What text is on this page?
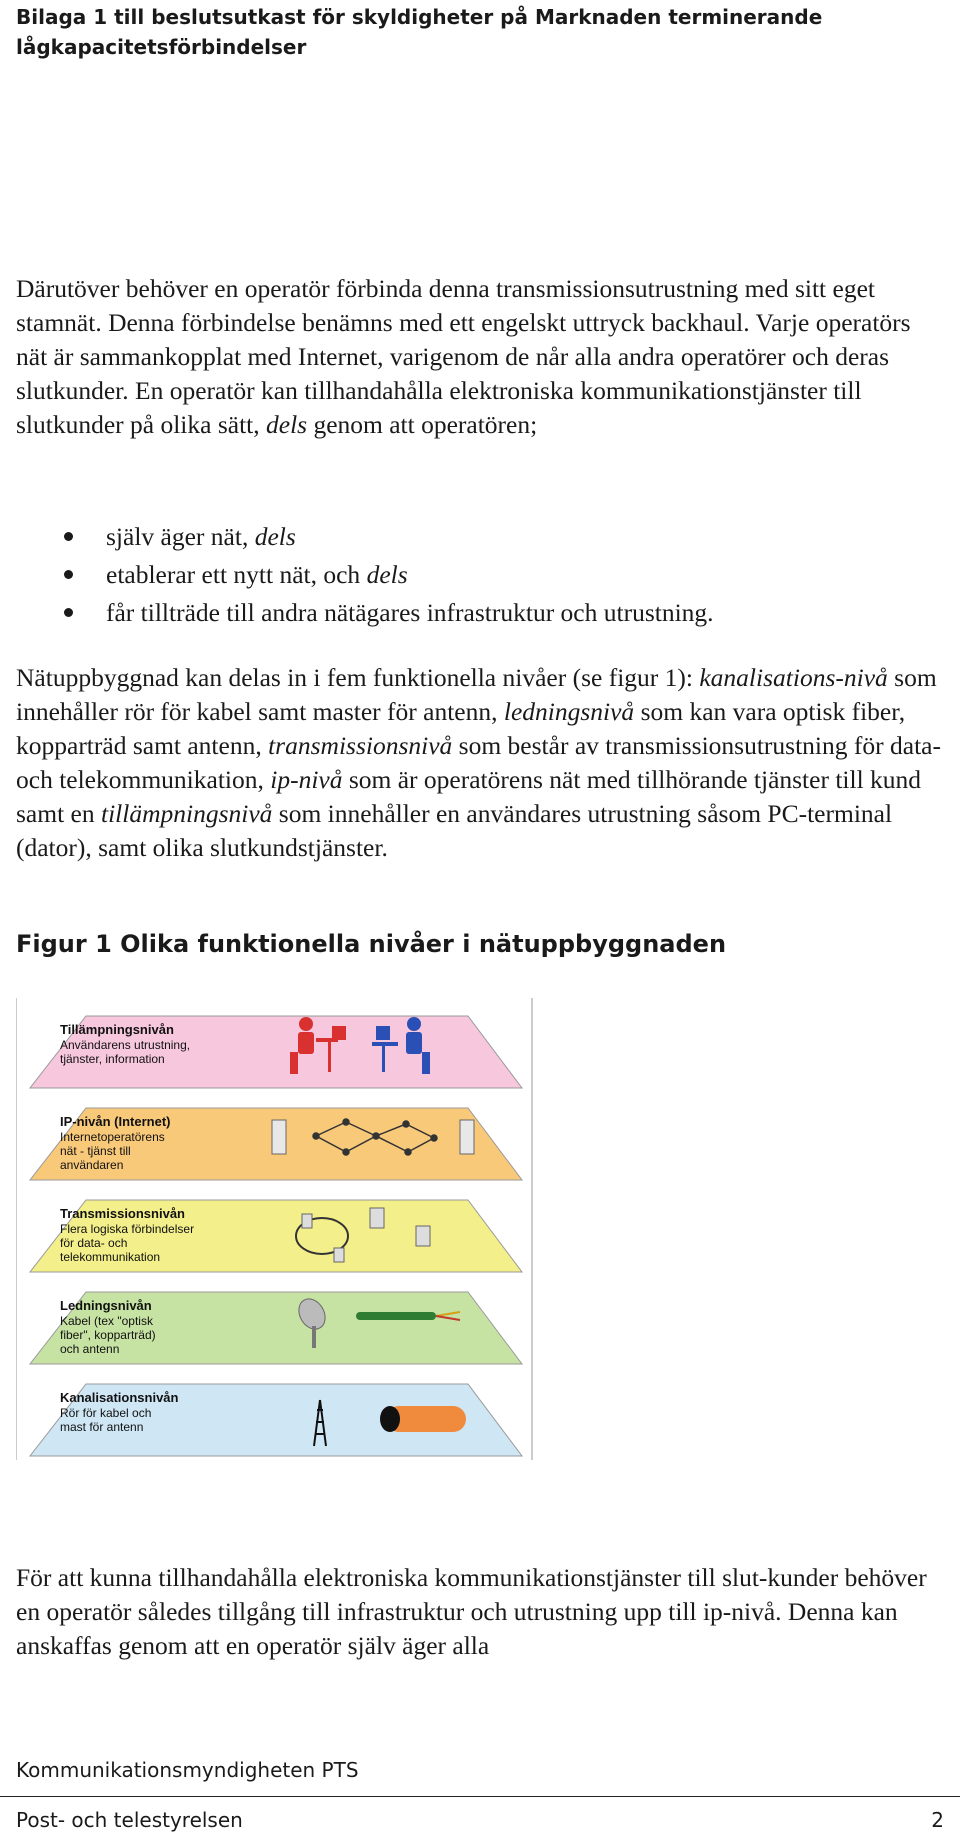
Bilaga 1 till beslutsutkast för skyldigheter på Marknaden terminerande
lågkapacitetsförbindelser
Därutöver behöver en operatör förbinda denna transmissionsutrustning med sitt eget stamnät. Denna förbindelse benämns med ett engelskt uttryck backhaul. Varje operatörs nät är sammankopplat med Internet, varigenom de når alla andra operatörer och deras slutkunder. En operatör kan tillhandahålla elektroniska kommunikationstjänster till slutkunder på olika sätt, dels genom att operatören;
själv äger nät, dels
etablerar ett nytt nät, och dels
får tillträde till andra nätägares infrastruktur och utrustning.
Nätuppbyggnad kan delas in i fem funktionella nivåer (se figur 1): kanalisations-nivå som innehåller rör för kabel samt master för antenn, ledningsnivå som kan vara optisk fiber, kopparträd samt antenn, transmissionsnivå som består av transmissionsutrustning för data- och telekommunikation, ip-nivå som är operatörens nät med tillhörande tjänster till kund samt en tillämpningsnivå som innehåller en användares utrustning såsom PC-terminal (dator), samt olika slutkundstjänster.
Figur 1 Olika funktionella nivåer i nätuppbyggnaden
Tillämpningsnivån
Användarens utrustning,
tjänster, information
IP-nivån (Internet)
Internetoperatörens
nät - tjänst till
användaren
Transmissionsnivån
Flera logiska förbindelser
för data- och
telekommunikation
Ledningsnivån
Kabel (tex "optisk
fiber", kopparträd)
och antenn
Kanalisationsnivån
Rör för kabel och
mast för antenn
För att kunna tillhandahålla elektroniska kommunikationstjänster till slut-kunder behöver en operatör således tillgång till infrastruktur och utrustning upp till ip-nivå. Denna kan anskaffas genom att en operatör själv äger alla
Kommunikationsmyndigheten PTS
Post- och telestyrelsen	2
